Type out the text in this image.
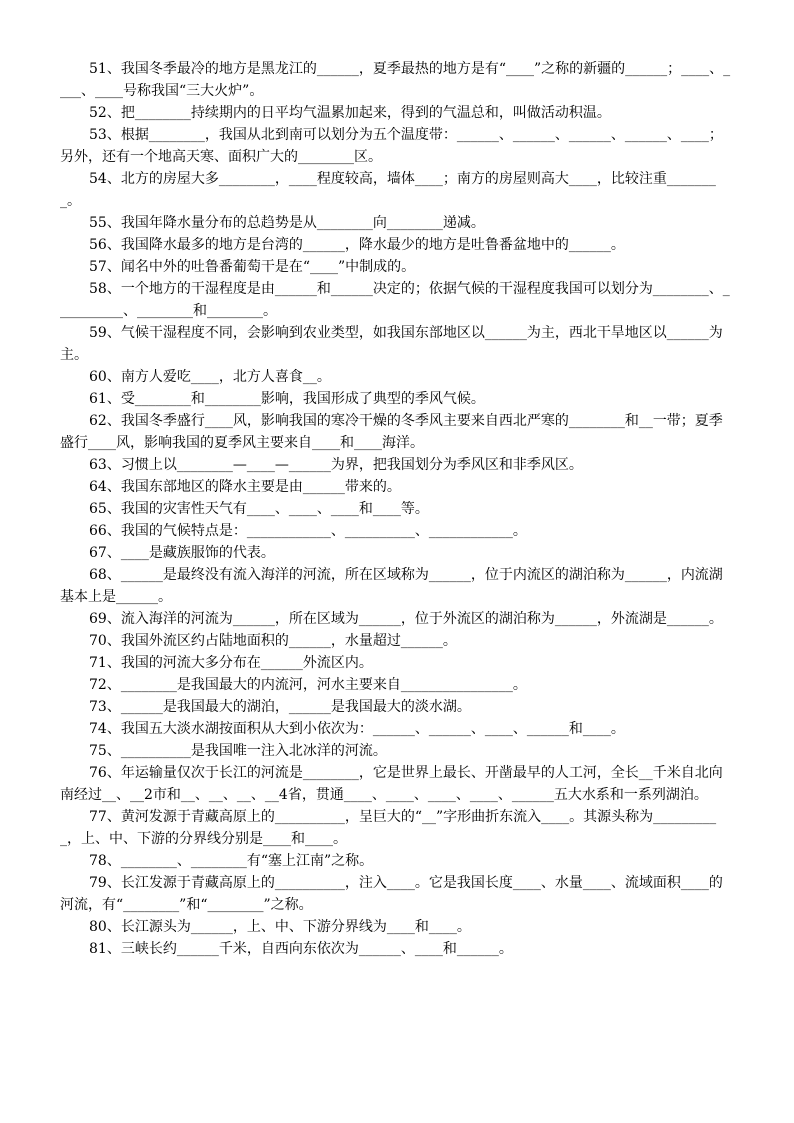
51、我国冬季最冷的地方是黑龙江的______，夏季最热的地方是有“____”之称的新疆的______；____、____、____号称我国“三大火炉”。

52、把________持续期内的日平均气温累加起来，得到的气温总和，叫做活动积温。

53、根据________，我国从北到南可以划分为五个温度带：______、______、______、______、____；另外，还有一个地高天寒、面积广大的________区。

54、北方的房屋大多________，____程度较高，墙体____；南方的房屋则高大____，比较注重________。

55、我国年降水量分布的总趋势是从________向________递减。

56、我国降水最多的地方是台湾的______，降水最少的地方是吐鲁番盆地中的______。

57、闻名中外的吐鲁番葡萄干是在“____”中制成的。

58、一个地方的干湿程度是由______和______决定的；依据气候的干湿程度我国可以划分为________、__________、________和________。

59、气候干湿程度不同，会影响到农业类型，如我国东部地区以______为主，西北干旱地区以______为主。

60、南方人爱吃____，北方人喜食__。

61、受________和________影响，我国形成了典型的季风气候。

62、我国冬季盛行____风，影响我国的寒冷干燥的冬季风主要来自西北严寒的________和__一带；夏季盛行____风，影响我国的夏季风主要来自____和____海洋。

63、习惯上以________—____—______为界，把我国划分为季风区和非季风区。

64、我国东部地区的降水主要是由______带来的。

65、我国的灾害性天气有____、____、____和____等。

66、我国的气候特点是：____________、__________、____________。

67、____是藏族服饰的代表。

68、______是最终没有流入海洋的河流，所在区域称为______，位于内流区的湖泊称为______，内流湖基本上是______。

69、流入海洋的河流为______，所在区域为______，位于外流区的湖泊称为______，外流湖是______。

70、我国外流区约占陆地面积的______，水量超过______。

71、我国的河流大多分布在______外流区内。

72、________是我国最大的内流河，河水主要来自________________。

73、______是我国最大的湖泊，______是我国最大的淡水湖。

74、我国五大淡水湖按面积从大到小依次为：______、______、____、______和____。

75、__________是我国唯一注入北冰洋的河流。

76、年运输量仅次于长江的河流是________，它是世界上最长、开凿最早的人工河，全长__千米自北向南经过__、__2市和__、__、__、__4省，贯通____、____、____、____、______五大水系和一系列湖泊。

77、黄河发源于青藏高原上的__________，呈巨大的“__”字形曲折东流入____。其源头称为__________，上、中、下游的分界线分别是____和____。

78、________、________有“塞上江南”之称。

79、长江发源于青藏高原上的__________，注入____。它是我国长度____、水量____、流域面积____的河流，有“________”和“________”之称。

80、长江源头为______，上、中、下游分界线为____和____。

81、三峡长约______千米，自西向东依次为______、____和______。
